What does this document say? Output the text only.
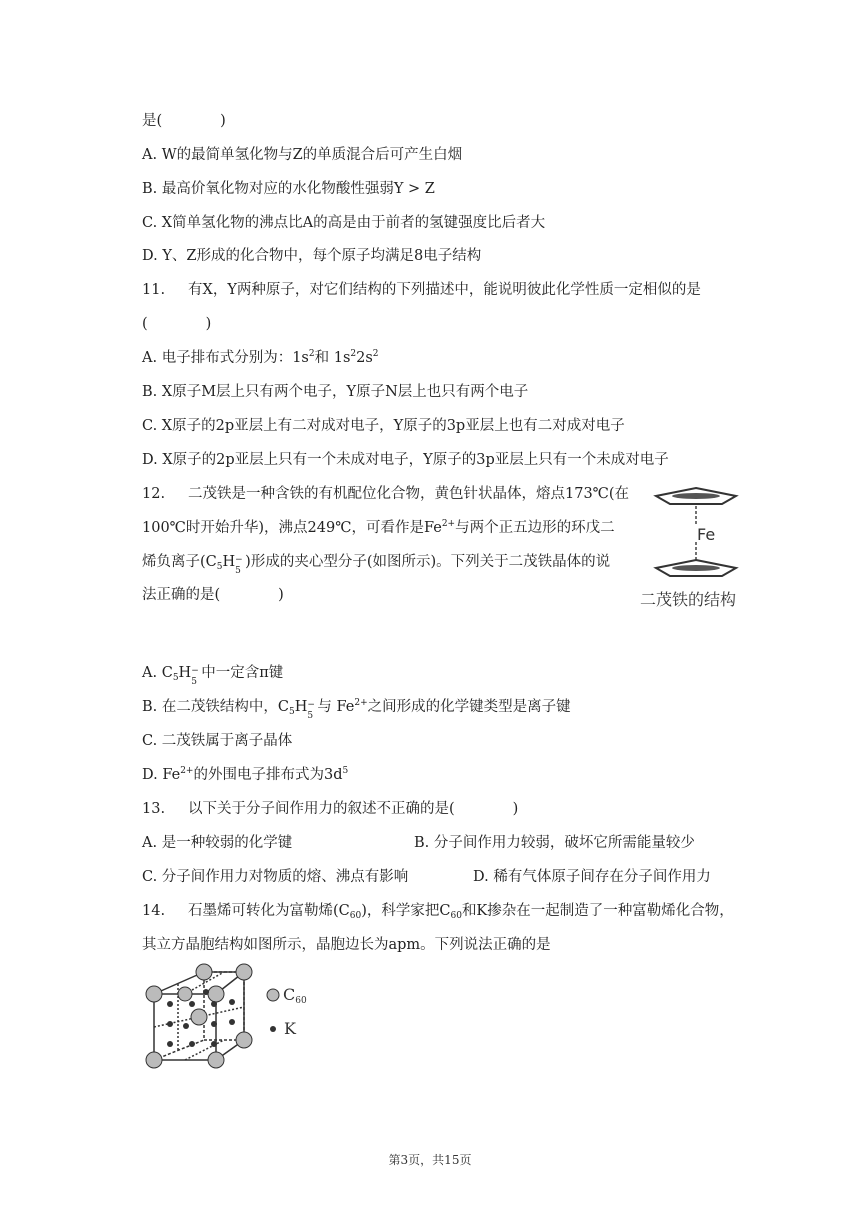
是(　　　　)
A. W的最简单氢化物与Z的单质混合后可产生白烟
B. 最高价氧化物对应的水化物酸性强弱Y > Z
C. X简单氢化物的沸点比A的高是由于前者的氢键强度比后者大
D. Y、Z形成的化合物中，每个原子均满足8电子结构
11. 有X，Y两种原子，对它们结构的下列描述中，能说明彼此化学性质一定相似的是
(　　　　)
A. 电子排布式分别为：$1s^2$和 $1s^22s^2$
B. X原子M层上只有两个电子，Y原子N层上也只有两个电子
C. X原子的2p亚层上有二对成对电子，Y原子的3p亚层上也有二对成对电子
D. X原子的2p亚层上只有一个未成对电子，Y原子的3p亚层上只有一个未成对电子
12. 二茂铁是一种含铁的有机配位化合物，黄色针状晶体，熔点173℃(在
100℃时开始升华)，沸点249℃，可看作是$Fe^{2+}$与两个正五边形的环戊二
烯负离子($C_5H$ −
5
)形成的夹心型分子(如图所示)。下列关于二茂铁晶体的说
法正确的是(　　　　)
Fe
二茂铁的结构
A. $C_5H$ −
5
中一定含π键
B. 在二茂铁结构中，$C_5H$ −
5
与 $Fe^{2+}$之间形成的化学键类型是离子键
C. 二茂铁属于离子晶体
D. $Fe^{2+}$的外围电子排布式为$3d^5$
13. 以下关于分子间作用力的叙述不正确的是(　　　　)
A. 是一种较弱的化学键	B. 分子间作用力较弱，破坏它所需能量较少
C. 分子间作用力对物质的熔、沸点有影响	D. 稀有气体原子间存在分子间作用力
14. 石墨烯可转化为富勒烯$(C_{60})$，科学家把$C_{60}$和K掺杂在一起制造了一种富勒烯化合物，
其立方晶胞结构如图所示，晶胞边长为apm。下列说法正确的是
$C_{60}$
K
第3页，共15页
